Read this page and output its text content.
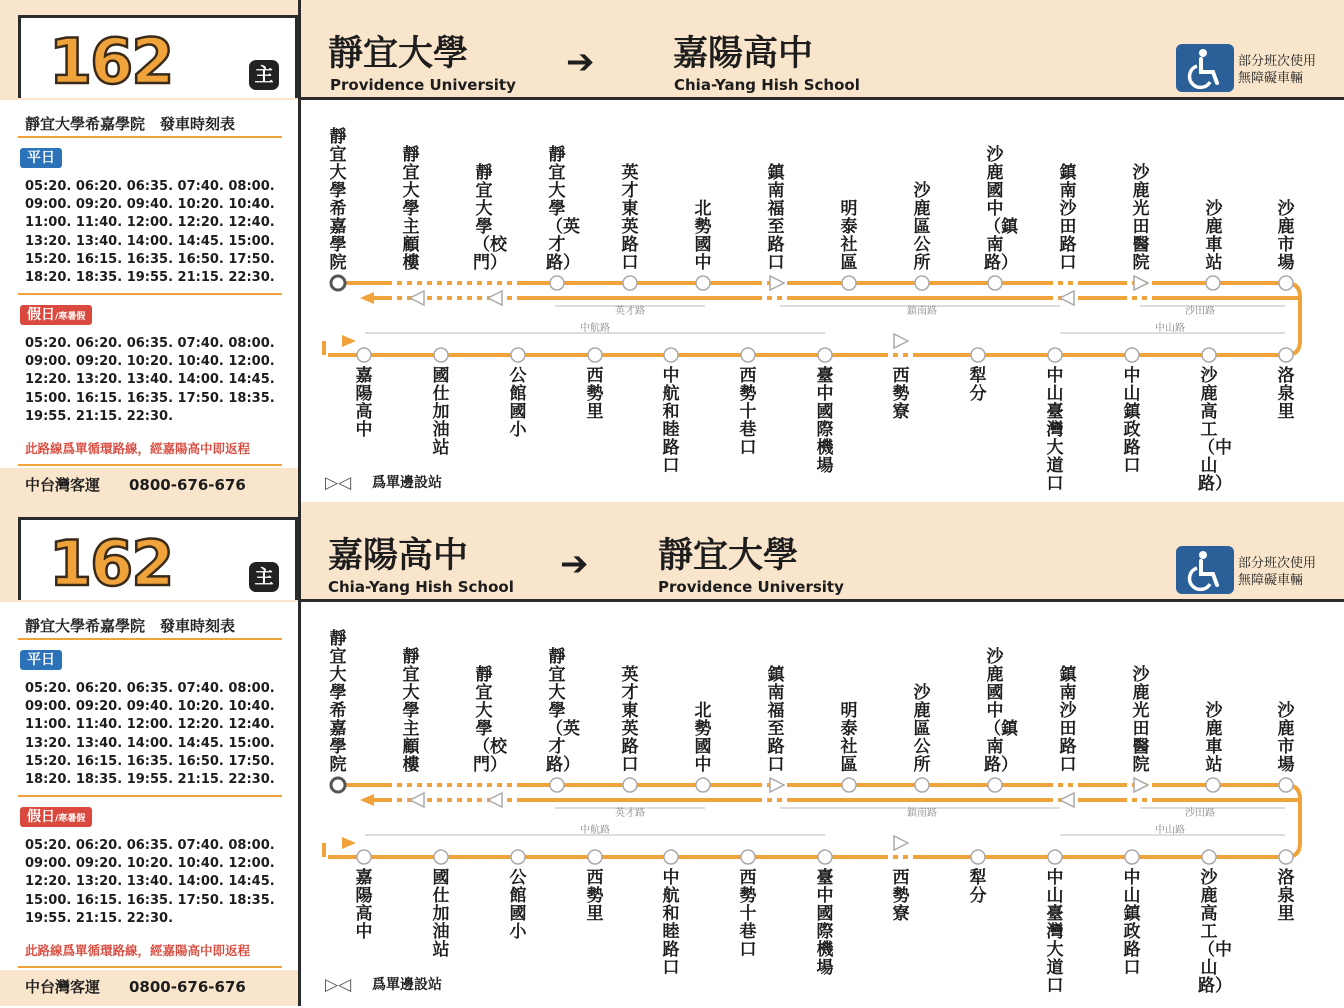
162	主
靜宜大學
Providence University
➔ 嘉陽高中
Chia-Yang Hish School
部分班次使用
無障礙車輛
靜宜大學希嘉學院　發車時刻表
平日
05:20. 06:20. 06:35. 07:40. 08:00.
09:00. 09:20. 09:40. 10:20. 10:40.
11:00. 11:40. 12:00. 12:20. 12:40.
13:20. 13:40. 14:00. 14:45. 15:00.
15:20. 16:15. 16:35. 16:50. 17:50.
18:20. 18:35. 19:55. 21:15. 22:30.
假日/寒暑假
05:20. 06:20. 06:35. 07:40. 08:00.
09:00. 09:20. 10:20. 10:40. 12:00.
12:20. 13:20. 13:40. 14:00. 14:45.
15:00. 16:15. 16:35. 17:50. 18:35.
19:55. 21:15. 22:30.
此路線爲單循環路線，經嘉陽高中即返程
中台灣客運 0800-676-676
英才路	鎮南路	沙田路
中航路	中山路
靜宜大學希嘉學院
靜宜大學主顧樓
靜宜大學（校門）
靜宜大學（英才路）
英才東英路口
北勢國中
鎮南福至路口
明泰社區
沙鹿區公所
沙鹿國中（鎮南路）
鎮南沙田路口
沙鹿光田醫院
沙鹿車站
沙鹿市場
嘉陽高中
國仕加油站
公館國小
西勢里
中航和睦路口
西勢十巷口
臺中國際機場
西勢寮
犁分
中山臺灣大道口
中山鎮政路口
沙鹿高工（中山路）
洛泉里
▷◁ 爲單邊設站
162	主
嘉陽高中
Chia-Yang Hish School
➔ 靜宜大學
Providence University
部分班次使用
無障礙車輛
靜宜大學希嘉學院　發車時刻表
平日
05:20. 06:20. 06:35. 07:40. 08:00.
09:00. 09:20. 09:40. 10:20. 10:40.
11:00. 11:40. 12:00. 12:20. 12:40.
13:20. 13:40. 14:00. 14:45. 15:00.
15:20. 16:15. 16:35. 16:50. 17:50.
18:20. 18:35. 19:55. 21:15. 22:30.
假日/寒暑假
05:20. 06:20. 06:35. 07:40. 08:00.
09:00. 09:20. 10:20. 10:40. 12:00.
12:20. 13:20. 13:40. 14:00. 14:45.
15:00. 16:15. 16:35. 17:50. 18:35.
19:55. 21:15. 22:30.
此路線爲單循環路線，經嘉陽高中即返程
中台灣客運 0800-676-676
英才路	鎮南路	沙田路
中航路	中山路
靜宜大學希嘉學院
靜宜大學主顧樓
靜宜大學（校門）
靜宜大學（英才路）
英才東英路口
北勢國中
鎮南福至路口
明泰社區
沙鹿區公所
沙鹿國中（鎮南路）
鎮南沙田路口
沙鹿光田醫院
沙鹿車站
沙鹿市場
嘉陽高中
國仕加油站
公館國小
西勢里
中航和睦路口
西勢十巷口
臺中國際機場
西勢寮
犁分
中山臺灣大道口
中山鎮政路口
沙鹿高工（中山路）
洛泉里
▷◁ 爲單邊設站
